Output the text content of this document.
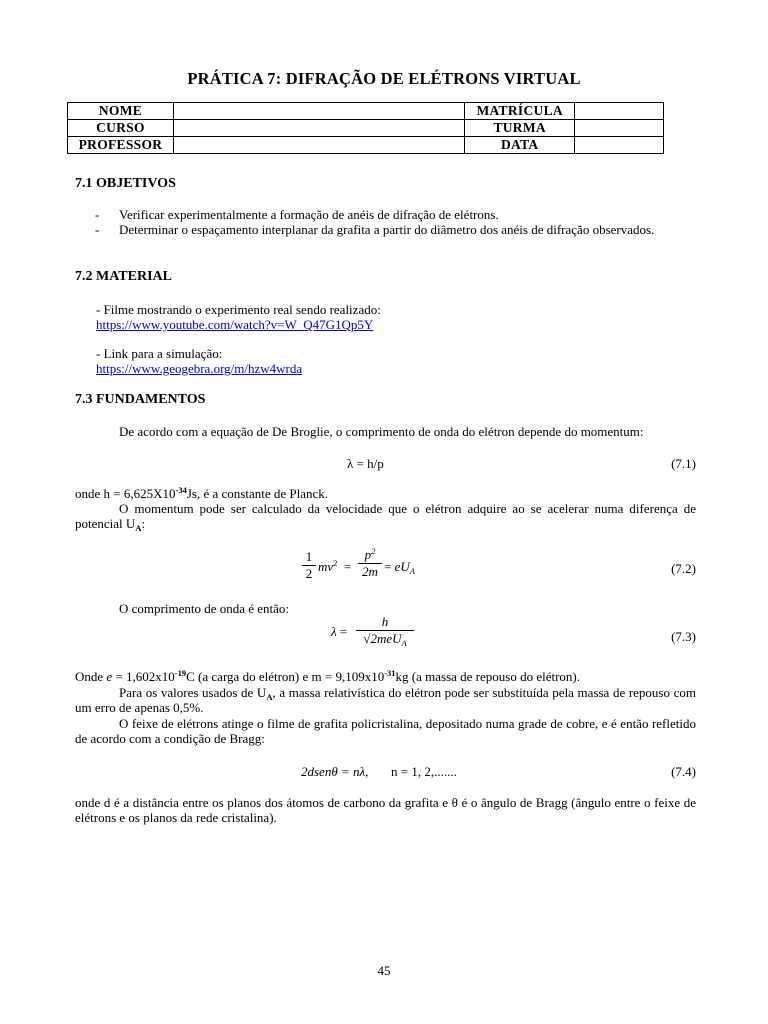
PRÁTICA 7: DIFRAÇÃO DE ELÉTRONS VIRTUAL
NOME		MATRÍCULA	
CURSO		TURMA	
PROFESSOR		DATA	
7.1 OBJETIVOS
- Verificar experimentalmente a formação de anéis de difração de elétrons.
- Determinar o espaçamento interplanar da grafita a partir do diâmetro dos anéis de difração observados.
7.2 MATERIAL
- Filme mostrando o experimento real sendo realizado:
https://www.youtube.com/watch?v=W_Q47G1Qp5Y
- Link para a simulação:
https://www.geogebra.org/m/hzw4wrda
7.3 FUNDAMENTOS
De acordo com a equação de De Broglie, o comprimento de onda do elétron depende do momentum:
λ = h/p	(7.1)
onde $h = 6,625X10^{-34}Js$, é a constante de Planck.
O momentum pode ser calculado da velocidade que o elétron adquire ao se acelerar numa diferença de potencial $U_A$:
1
2 $mv^2$ =
$p^2$
$2m = eU_A$	(7.2)
O comprimento de onda é então:
λ =
h
√2meU$_A$	(7.3)
Onde $e = 1,602x10^{-19}C$ (a carga do elétron) e $m = 9,109x10^{-31}kg$ (a massa de repouso do elétron).
Para os valores usados de $U_A$, a massa relativística do elétron pode ser substituída pela massa de repouso com um erro de apenas 0,5%.
O feixe de elétrons atinge o filme de grafita policristalina, depositado numa grade de cobre, e é então refletido de acordo com a condição de Bragg:
2dsenθ = nλ, n = 1, 2,.......	(7.4)
onde d é a distância entre os planos dos átomos de carbono da grafita e θ é o ângulo de Bragg (ângulo entre o feixe de elétrons e os planos da rede cristalina).
45
